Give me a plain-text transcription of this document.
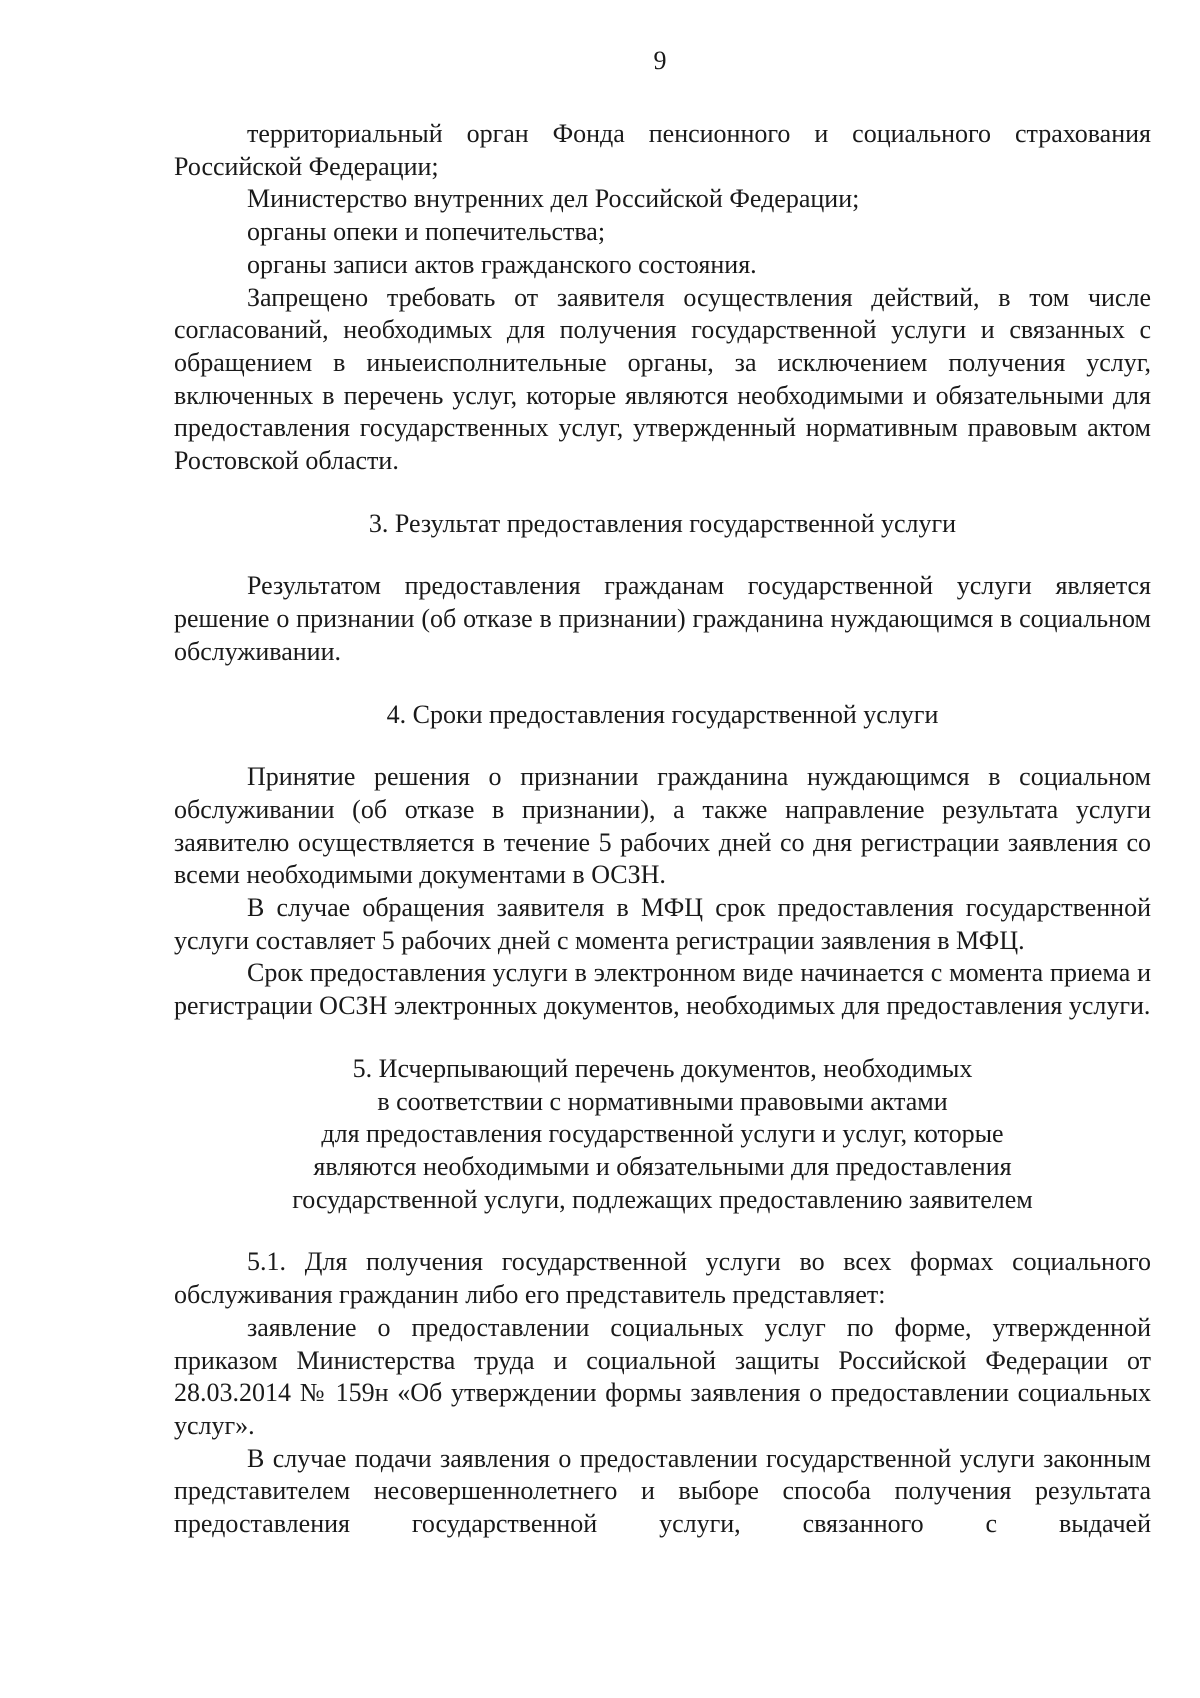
9

территориальный орган Фонда пенсионного и социального страхования Российской Федерации;

Министерство внутренних дел Российской Федерации;

органы опеки и попечительства;

органы записи актов гражданского состояния.

Запрещено требовать от заявителя осуществления действий, в том числе согласований, необходимых для получения государственной услуги и связанных с обращением в иныеисполнительные органы, за исключением получения услуг, включенных в перечень услуг, которые являются необходимыми и обязательными для предоставления государственных услуг, утвержденный нормативным правовым актом Ростовской области.

3. Результат предоставления государственной услуги

Результатом предоставления гражданам государственной услуги является решение о признании (об отказе в признании) гражданина нуждающимся в социальном обслуживании.

4. Сроки предоставления государственной услуги

Принятие решения о признании гражданина нуждающимся в социальном обслуживании (об отказе в признании), а также направление результата услуги заявителю осуществляется в течение 5 рабочих дней со дня регистрации заявления со всеми необходимыми документами в ОСЗН.

В случае обращения заявителя в МФЦ срок предоставления государственной услуги составляет 5 рабочих дней с момента регистрации заявления в МФЦ.

Срок предоставления услуги в электронном виде начинается с момента приема и регистрации ОСЗН электронных документов, необходимых для предоставления услуги.

5. Исчерпывающий перечень документов, необходимых
в соответствии с нормативными правовыми актами
для предоставления государственной услуги и услуг, которые
являются необходимыми и обязательными для предоставления
государственной услуги, подлежащих предоставлению заявителем

5.1. Для получения государственной услуги во всех формах социального обслуживания гражданин либо его представитель представляет:

заявление о предоставлении социальных услуг по форме, утвержденной приказом Министерства труда и социальной защиты Российской Федерации от 28.03.2014 № 159н «Об утверждении формы заявления о предоставлении социальных услуг».

В случае подачи заявления о предоставлении государственной услуги законным представителем несовершеннолетнего и выборе способа получения результата предоставления государственной услуги, связанного с выдачей
